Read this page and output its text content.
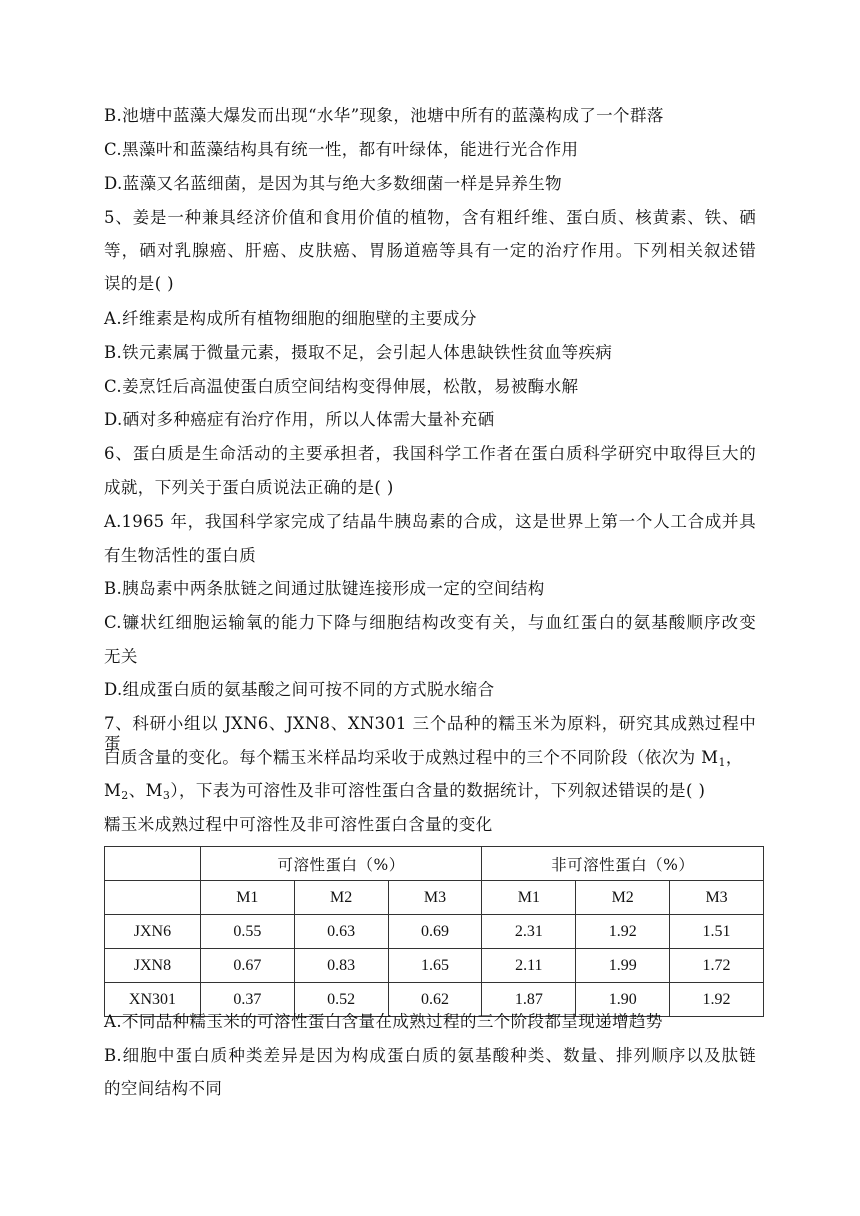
B.池塘中蓝藻大爆发而出现“水华”现象，池塘中所有的蓝藻构成了一个群落
C.黑藻叶和蓝藻结构具有统一性，都有叶绿体，能进行光合作用
D.蓝藻又名蓝细菌，是因为其与绝大多数细菌一样是异养生物
5、姜是一种兼具经济价值和食用价值的植物，含有粗纤维、蛋白质、核黄素、铁、硒
等，硒对乳腺癌、肝癌、皮肤癌、胃肠道癌等具有一定的治疗作用。下列相关叙述错
误的是( )
A.纤维素是构成所有植物细胞的细胞壁的主要成分
B.铁元素属于微量元素，摄取不足，会引起人体患缺铁性贫血等疾病
C.姜烹饪后高温使蛋白质空间结构变得伸展，松散，易被酶水解
D.硒对多种癌症有治疗作用，所以人体需大量补充硒
6、蛋白质是生命活动的主要承担者，我国科学工作者在蛋白质科学研究中取得巨大的
成就，下列关于蛋白质说法正确的是( )
A.1965 年，我国科学家完成了结晶牛胰岛素的合成，这是世界上第一个人工合成并具
有生物活性的蛋白质
B.胰岛素中两条肽链之间通过肽键连接形成一定的空间结构
C.镰状红细胞运输氧的能力下降与细胞结构改变有关，与血红蛋白的氨基酸顺序改变
无关
D.组成蛋白质的氨基酸之间可按不同的方式脱水缩合
7、科研小组以 JXN6、JXN8、XN301 三个品种的糯玉米为原料，研究其成熟过程中蛋
白质含量的变化。每个糯玉米样品均采收于成熟过程中的三个不同阶段（依次为 $M_1$，
$M_2$、$M_3$），下表为可溶性及非可溶性蛋白含量的数据统计，下列叙述错误的是( )
糯玉米成熟过程中可溶性及非可溶性蛋白含量的变化
	可溶性蛋白（%）			非可溶性蛋白（%）		
	M1	M2	M3	M1	M2	M3
JXN6	0.55	0.63	0.69	2.31	1.92	1.51
JXN8	0.67	0.83	1.65	2.11	1.99	1.72
XN301	0.37	0.52	0.62	1.87	1.90	1.92
A.不同品种糯玉米的可溶性蛋白含量在成熟过程的三个阶段都呈现递增趋势
B.细胞中蛋白质种类差异是因为构成蛋白质的氨基酸种类、数量、排列顺序以及肽链
的空间结构不同
